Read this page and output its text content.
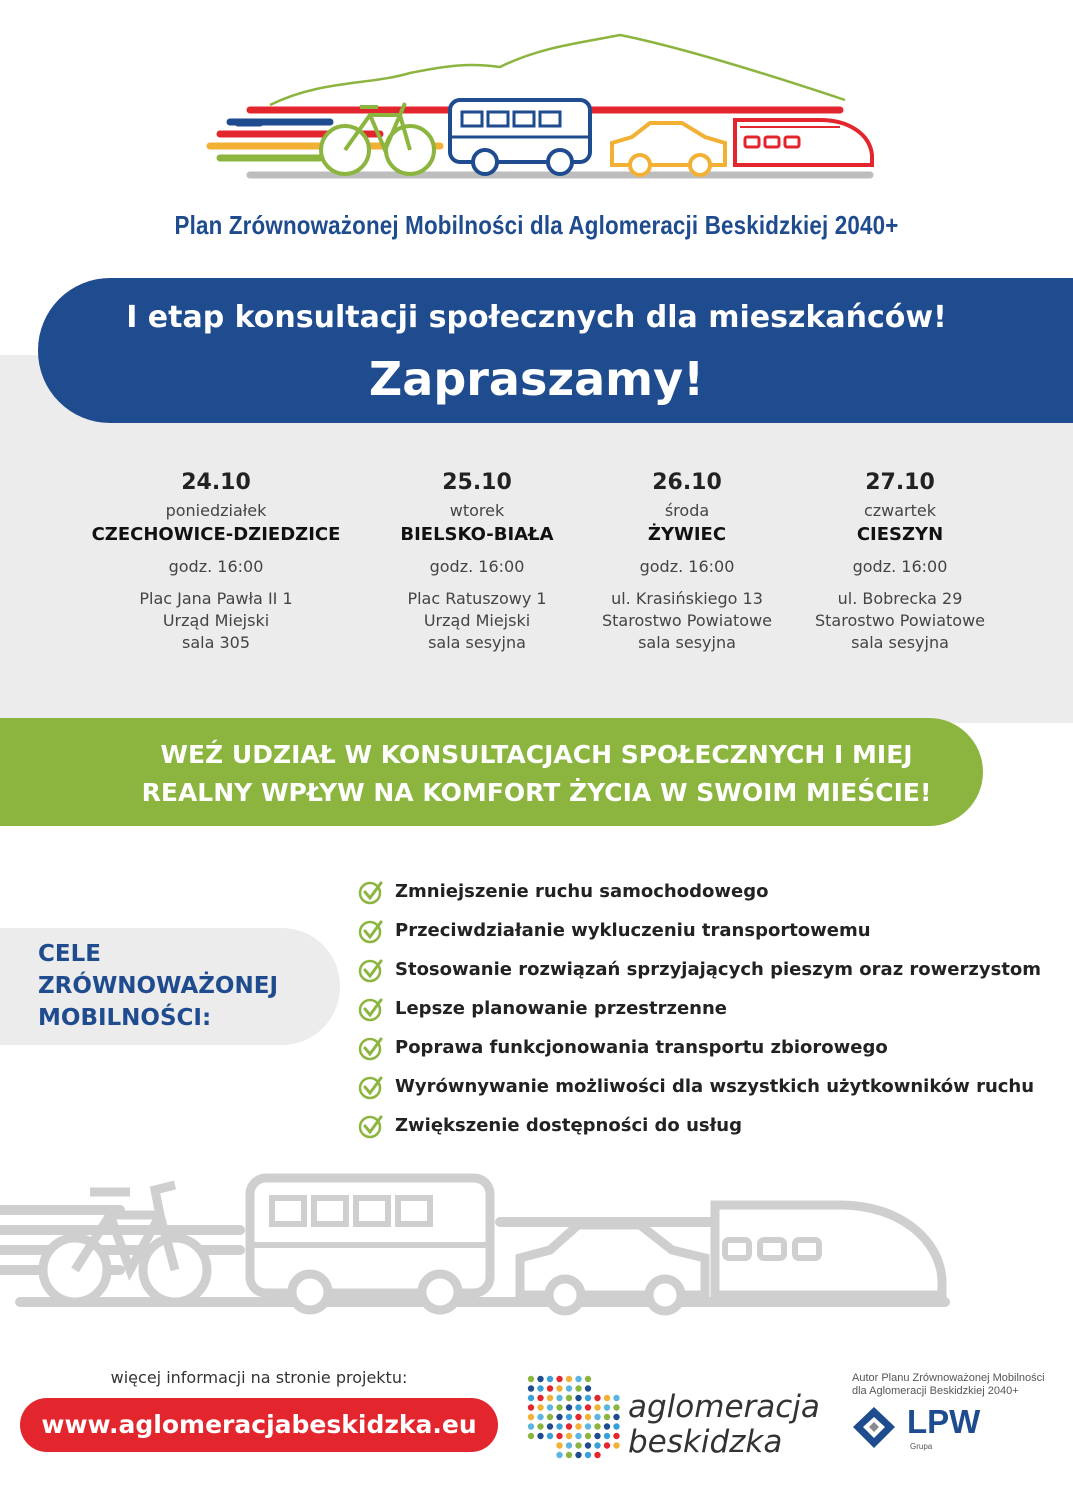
Plan Zrównoważonej Mobilności dla Aglomeracji Beskidzkiej 2040+
I etap konsultacji społecznych dla mieszkańców!
Zapraszamy!
24.10
poniedziałek
CZECHOWICE-DZIEDZICE
godz. 16:00
Plac Jana Pawła II 1
Urząd Miejski
sala 305
25.10
wtorek
BIELSKO-BIAŁA
godz. 16:00
Plac Ratuszowy 1
Urząd Miejski
sala sesyjna
26.10
środa
ŻYWIEC
godz. 16:00
ul. Krasińskiego 13
Starostwo Powiatowe
sala sesyjna
27.10
czwartek
CIESZYN
godz. 16:00
ul. Bobrecka 29
Starostwo Powiatowe
sala sesyjna
WEŹ UDZIAŁ W KONSULTACJACH SPOŁECZNYCH I MIEJ
REALNY WPŁYW NA KOMFORT ŻYCIA W SWOIM MIEŚCIE!
CELE
ZRÓWNOWAŻONEJ
MOBILNOŚCI:
Zmniejszenie ruchu samochodowego
Przeciwdziałanie wykluczeniu transportowemu
Stosowanie rozwiązań sprzyjających pieszym oraz rowerzystom
Lepsze planowanie przestrzenne
Poprawa funkcjonowania transportu zbiorowego
Wyrównywanie możliwości dla wszystkich użytkowników ruchu
Zwiększenie dostępności do usług
więcej informacji na stronie projektu:
www.aglomeracjabeskidzka.eu	aglomeracja
beskidzka
Autor Planu Zrównoważonej Mobilności
dla Aglomeracji Beskidzkiej 2040+
LPW
Grupa
